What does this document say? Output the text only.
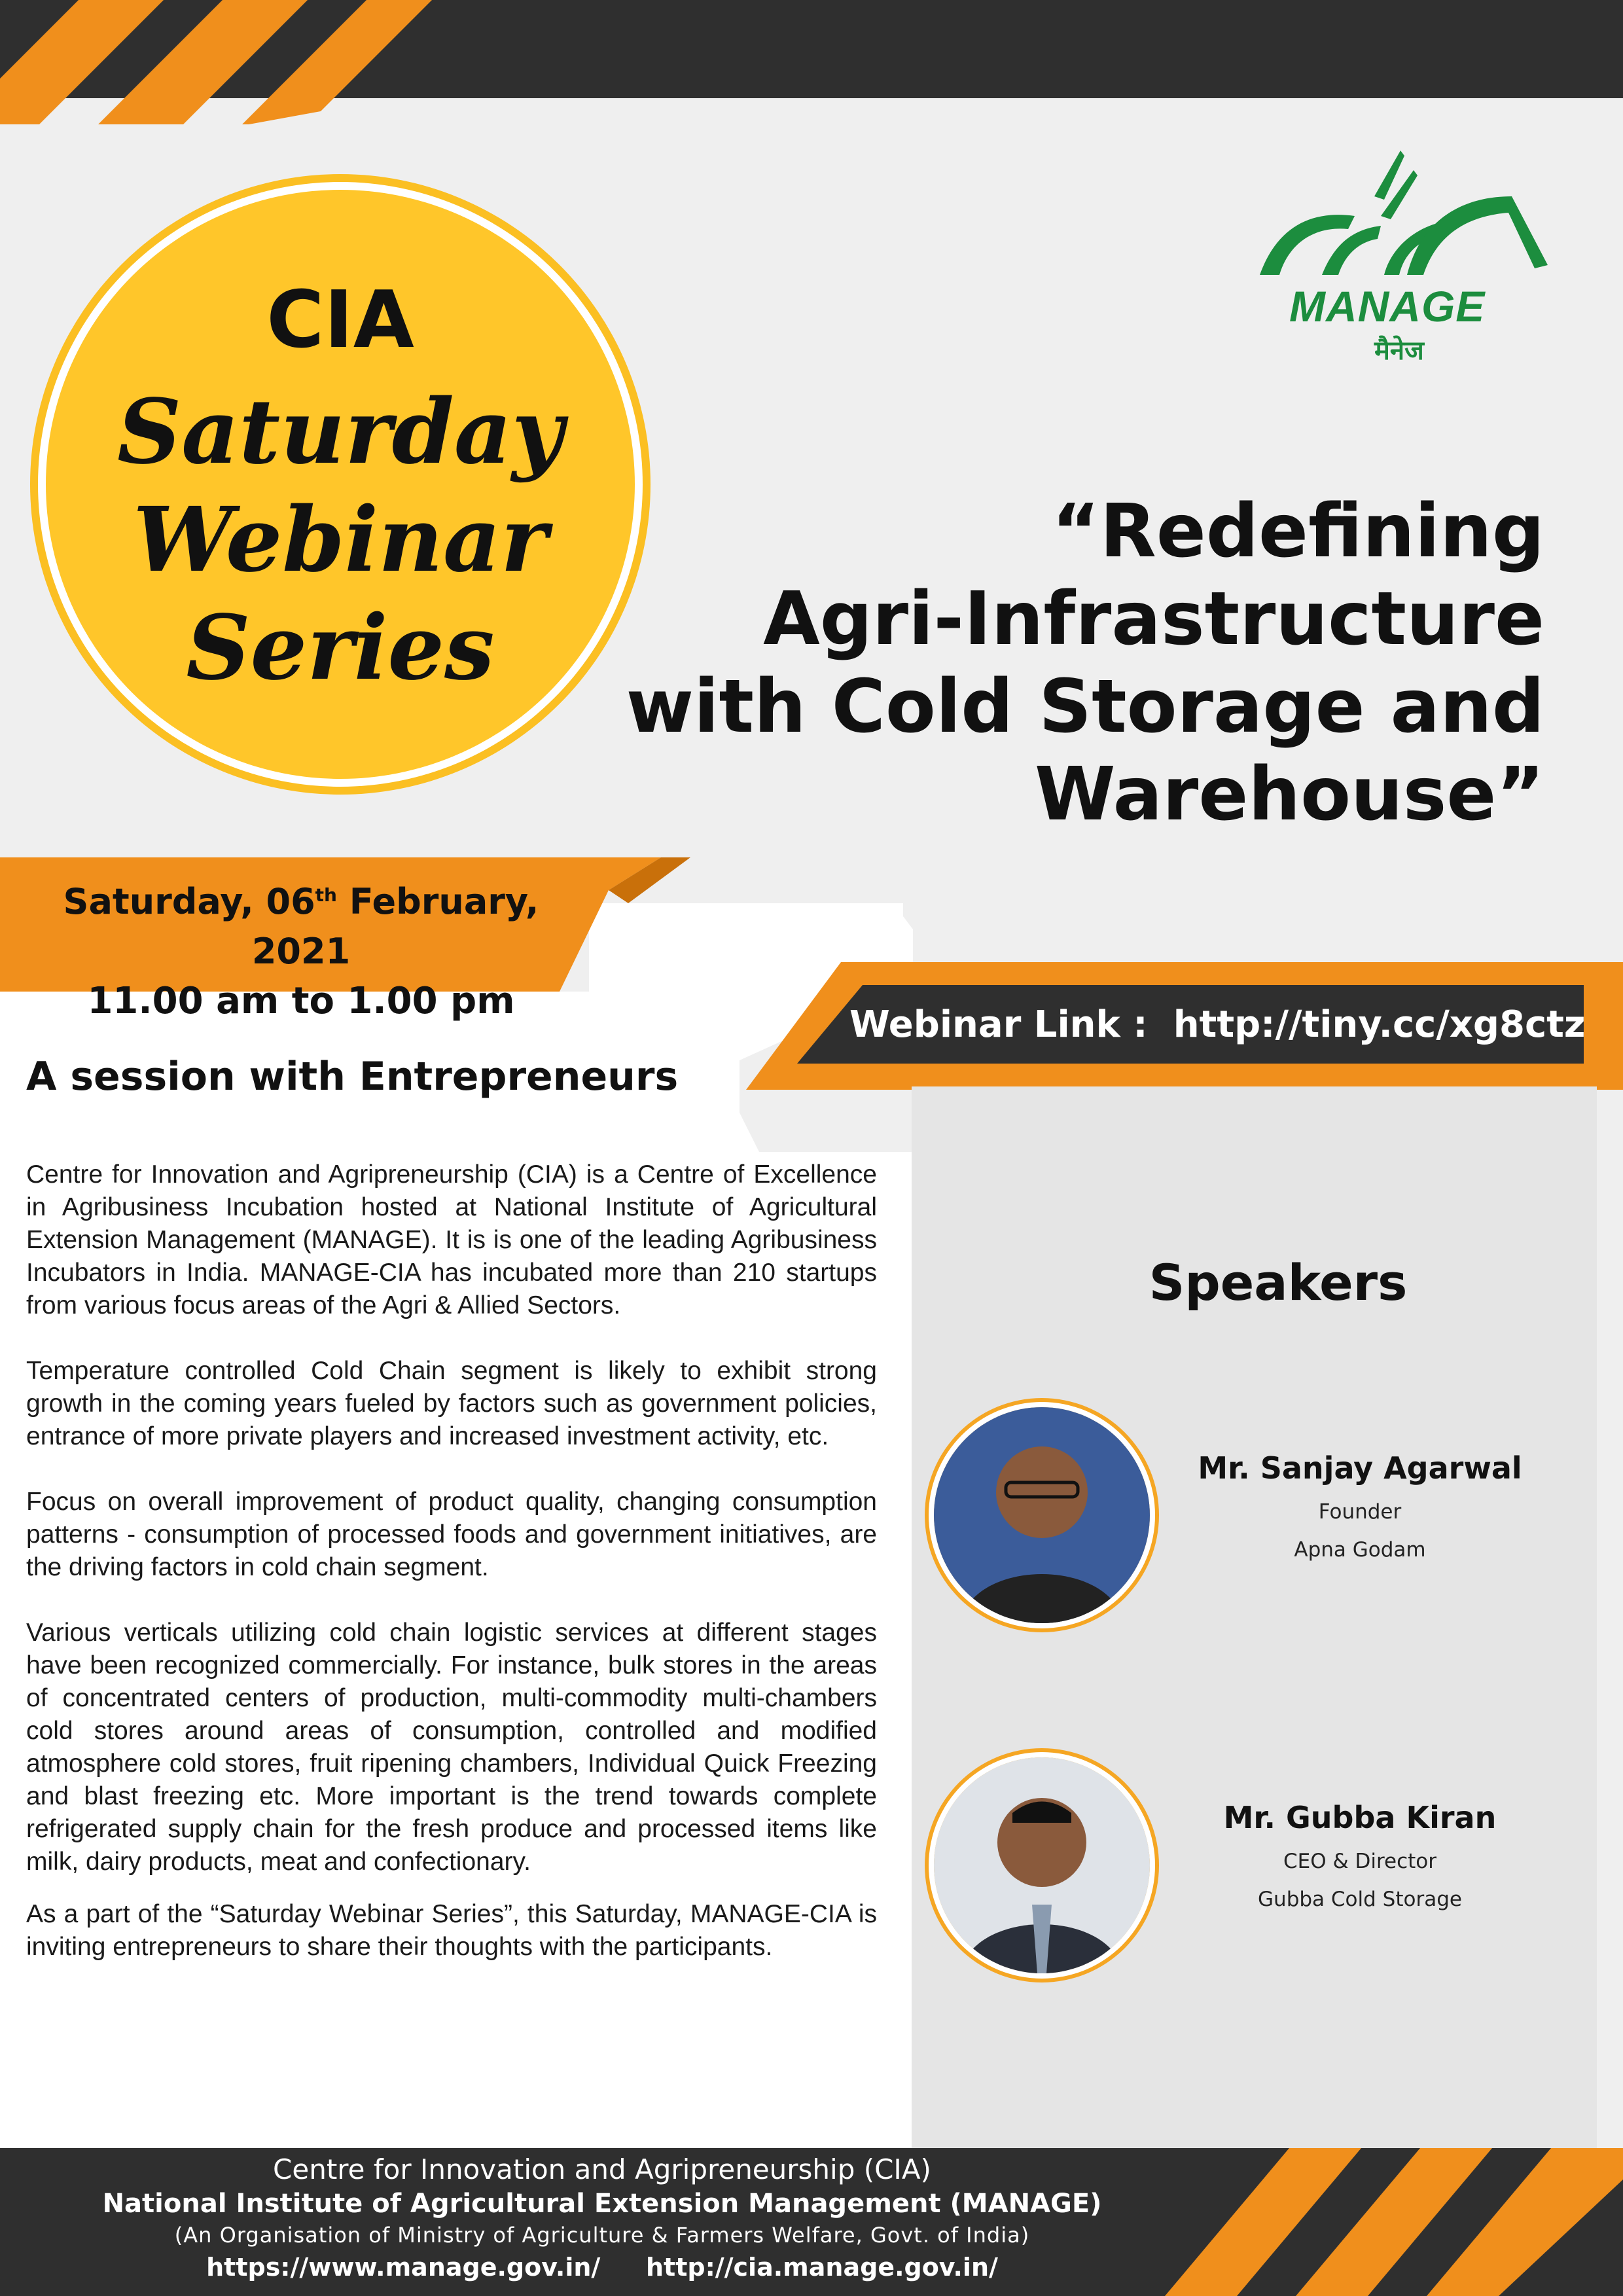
CIA
Saturday
Webinar
Series
MANAGE
मैनेज
“Redefining
Agri-Infrastructure
with Cold Storage and
Warehouse”
Saturday, 06th February, 2021
11.00 am to 1.00 pm
Webinar Link : http://tiny.cc/xg8ctz
A session with Entrepreneurs

Centre for Innovation and Agripreneurship (CIA) is a Centre of Excellence in Agribusiness Incubation hosted at National Institute of Agricultural Extension Management (MANAGE). It is is one of the leading Agribusiness Incubators in India. MANAGE-CIA has incubated more than 210 startups from various focus areas of the Agri & Allied Sectors.

Temperature controlled Cold Chain segment is likely to exhibit strong growth in the coming years fueled by factors such as government policies, entrance of more private players and increased investment activity, etc.

Focus on overall improvement of product quality, changing consumption patterns - consumption of processed foods and government initiatives, are the driving factors in cold chain segment.

Various verticals utilizing cold chain logistic services at different stages have been recognized commercially. For instance, bulk stores in the areas of concentrated centers of production, multi-commodity multi-chambers cold stores around areas of consumption, controlled and modified atmosphere cold stores, fruit ripening chambers, Individual Quick Freezing and blast freezing etc. More important is the trend towards complete refrigerated supply chain for the fresh produce and processed items like milk, dairy products, meat and confectionary.

As a part of the “Saturday Webinar Series”, this Saturday, MANAGE-CIA is inviting entrepreneurs to share their thoughts with the participants.

Speakers
Mr. Sanjay Agarwal
Founder
Apna Godam
Mr. Gubba Kiran
CEO & Director
Gubba Cold Storage
Centre for Innovation and Agripreneurship (CIA)
National Institute of Agricultural Extension Management (MANAGE)
(An Organisation of Ministry of Agriculture & Farmers Welfare, Govt. of India)
https://www.manage.gov.in/   http://cia.manage.gov.in/
